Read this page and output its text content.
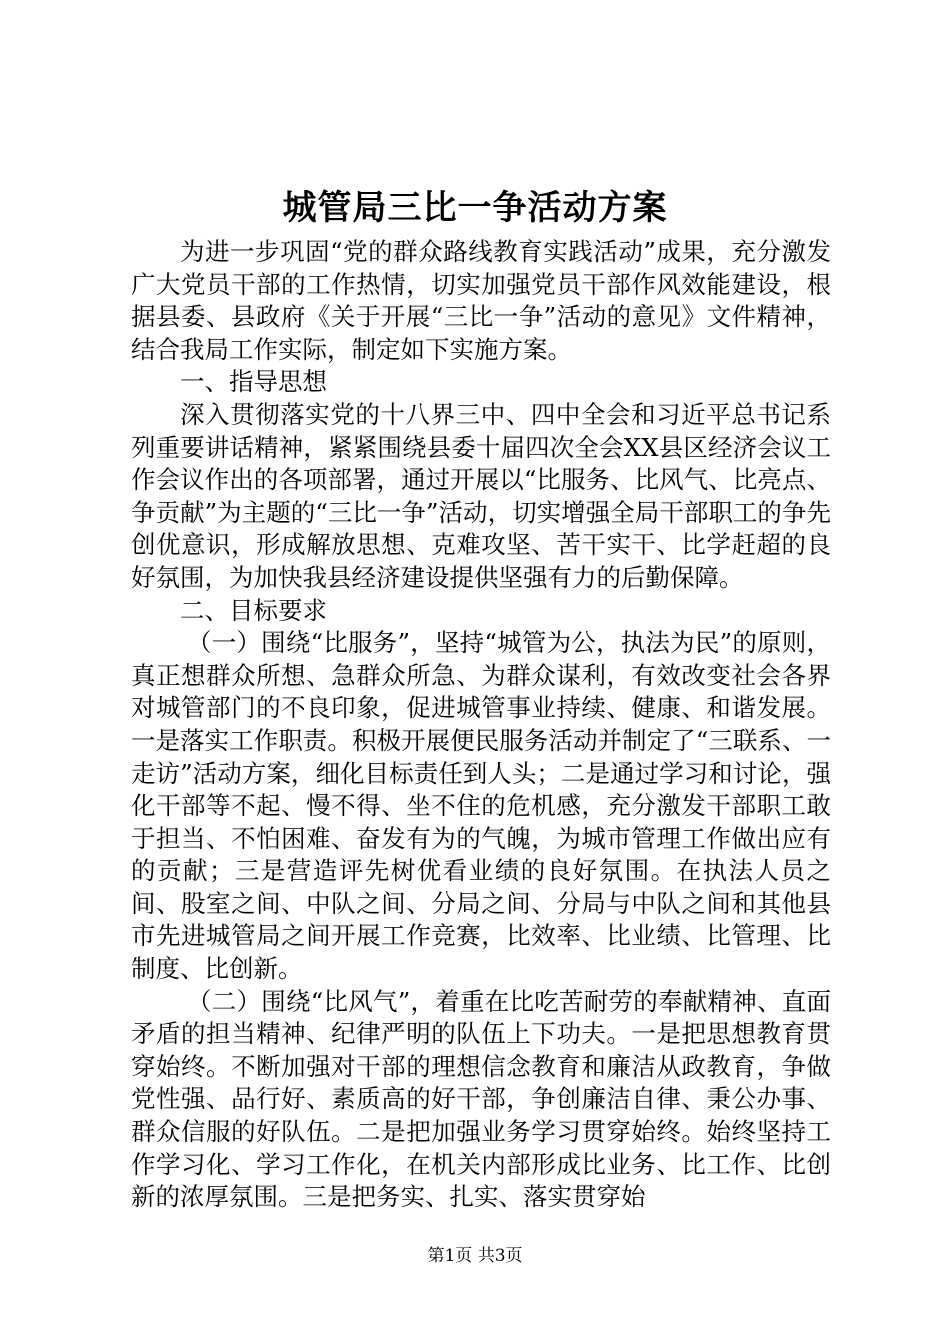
城管局三比一争活动方案

为进一步巩固“党的群众路线教育实践活动”成果，充分激发广大党员干部的工作热情，切实加强党员干部作风效能建设，根据县委、县政府《关于开展“三比一争”活动的意见》文件精神，结合我局工作实际，制定如下实施方案。

一、指导思想

深入贯彻落实党的十八界三中、四中全会和习近平总书记系列重要讲话精神，紧紧围绕县委十届四次全会XX县区经济会议工作会议作出的各项部署，通过开展以“比服务、比风气、比亮点、争贡献”为主题的“三比一争”活动，切实增强全局干部职工的争先创优意识，形成解放思想、克难攻坚、苦干实干、比学赶超的良好氛围，为加快我县经济建设提供坚强有力的后勤保障。

二、目标要求

（一）围绕“比服务”，坚持“城管为公，执法为民”的原则，真正想群众所想、急群众所急、为群众谋利，有效改变社会各界对城管部门的不良印象，促进城管事业持续、健康、和谐发展。一是落实工作职责。积极开展便民服务活动并制定了“三联系、一走访”活动方案，细化目标责任到人头；二是通过学习和讨论，强化干部等不起、慢不得、坐不住的危机感，充分激发干部职工敢于担当、不怕困难、奋发有为的气魄，为城市管理工作做出应有的贡献；三是营造评先树优看业绩的良好氛围。在执法人员之间、股室之间、中队之间、分局之间、分局与中队之间和其他县市先进城管局之间开展工作竞赛，比效率、比业绩、比管理、比制度、比创新。

（二）围绕“比风气”，着重在比吃苦耐劳的奉献精神、直面矛盾的担当精神、纪律严明的队伍上下功夫。一是把思想教育贯穿始终。不断加强对干部的理想信念教育和廉洁从政教育，争做党性强、品行好、素质高的好干部，争创廉洁自律、秉公办事、群众信服的好队伍。二是把加强业务学习贯穿始终。始终坚持工作学习化、学习工作化，在机关内部形成比业务、比工作、比创新的浓厚氛围。三是把务实、扎实、落实贯穿始

第1页 共3页
